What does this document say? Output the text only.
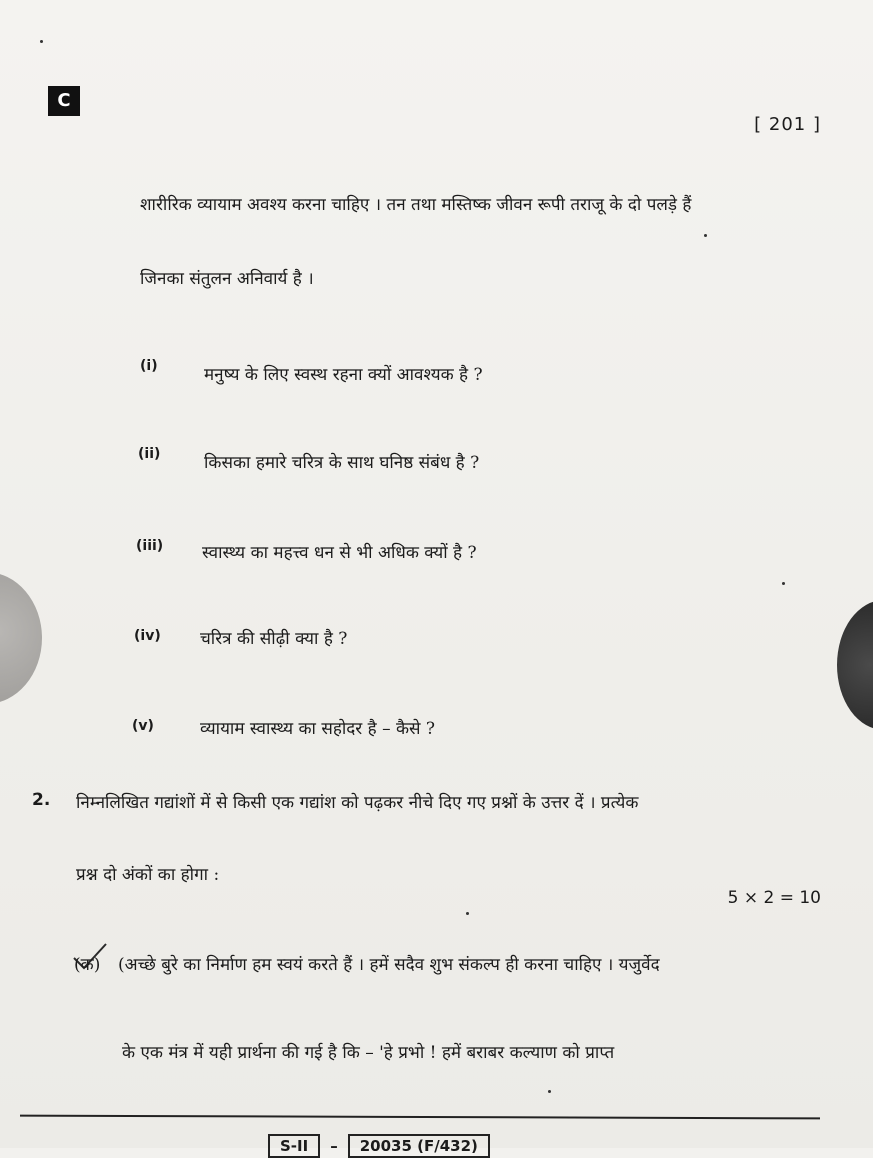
C
[ 201 ]
शारीरिक व्यायाम अवश्य करना चाहिए । तन तथा मस्तिष्क जीवन रूपी तराजू के दो पलड़े हैं
जिनका संतुलन अनिवार्य है ।
(i)	मनुष्य के लिए स्वस्थ रहना क्यों आवश्यक है ?
(ii)	किसका हमारे चरित्र के साथ घनिष्ठ संबंध है ?
(iii) स्वास्थ्य का महत्त्व धन से भी अधिक क्यों है ?
(iv) चरित्र की सीढ़ी क्या है ?
(v)	व्यायाम स्वास्थ्य का सहोदर है – कैसे ?
2. निम्नलिखित गद्यांशों में से किसी एक गद्यांश को पढ़कर नीचे दिए गए प्रश्नों के उत्तर दें । प्रत्येक
प्रश्न दो अंकों का होगा :
5 × 2 = 10
(क) (अच्छे बुरे का निर्माण हम स्वयं करते हैं । हमें सदैव शुभ संकल्प ही करना चाहिए । यजुर्वेद
के एक मंत्र में यही प्रार्थना की गई है कि – 'हे प्रभो ! हमें बराबर कल्याण को प्राप्त
S-II	–	20035 (F/432)
